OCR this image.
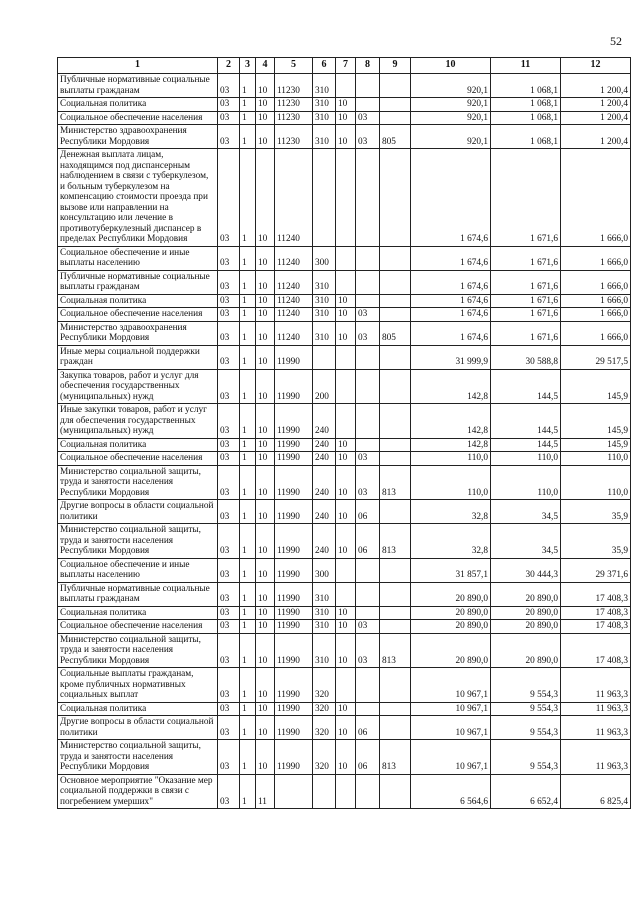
52
1	2	3	4	5	6	7	8	9	10	11	12
Публичные нормативные социальные выплаты гражданам	03	1	10	11230	310				920,1	1 068,1	1 200,4
Социальная политика	03	1	10	11230	310	10			920,1	1 068,1	1 200,4
Социальное обеспечение населения	03	1	10	11230	310	10	03		920,1	1 068,1	1 200,4
Министерство здравоохранения Республики Мордовия	03	1	10	11230	310	10	03	805	920,1	1 068,1	1 200,4
Денежная выплата лицам, находящимся под диспансерным наблюдением в связи с туберкулезом, и больным туберкулезом на компенсацию стоимости проезда при вызове или направлении на консультацию или лечение в противотуберкулезный диспансер в пределах Республики Мордовия	03	1	10	11240					1 674,6	1 671,6	1 666,0
Социальное обеспечение и иные выплаты населению	03	1	10	11240	300				1 674,6	1 671,6	1 666,0
Публичные нормативные социальные выплаты гражданам	03	1	10	11240	310				1 674,6	1 671,6	1 666,0
Социальная политика	03	1	10	11240	310	10			1 674,6	1 671,6	1 666,0
Социальное обеспечение населения	03	1	10	11240	310	10	03		1 674,6	1 671,6	1 666,0
Министерство здравоохранения Республики Мордовия	03	1	10	11240	310	10	03	805	1 674,6	1 671,6	1 666,0
Иные меры социальной поддержки граждан	03	1	10	11990					31 999,9	30 588,8	29 517,5
Закупка товаров, работ и услуг для обеспечения государственных (муниципальных) нужд	03	1	10	11990	200				142,8	144,5	145,9
Иные закупки товаров, работ и услуг для обеспечения государственных (муниципальных) нужд	03	1	10	11990	240				142,8	144,5	145,9
Социальная политика	03	1	10	11990	240	10			142,8	144,5	145,9
Социальное обеспечение населения	03	1	10	11990	240	10	03		110,0	110,0	110,0
Министерство социальной защиты, труда и занятости населения Республики Мордовия	03	1	10	11990	240	10	03	813	110,0	110,0	110,0
Другие вопросы в области социальной политики	03	1	10	11990	240	10	06		32,8	34,5	35,9
Министерство социальной защиты, труда и занятости населения Республики Мордовия	03	1	10	11990	240	10	06	813	32,8	34,5	35,9
Социальное обеспечение и иные выплаты населению	03	1	10	11990	300				31 857,1	30 444,3	29 371,6
Публичные нормативные социальные выплаты гражданам	03	1	10	11990	310				20 890,0	20 890,0	17 408,3
Социальная политика	03	1	10	11990	310	10			20 890,0	20 890,0	17 408,3
Социальное обеспечение населения	03	1	10	11990	310	10	03		20 890,0	20 890,0	17 408,3
Министерство социальной защиты, труда и занятости населения Республики Мордовия	03	1	10	11990	310	10	03	813	20 890,0	20 890,0	17 408,3
Социальные выплаты гражданам, кроме публичных нормативных социальных выплат	03	1	10	11990	320				10 967,1	9 554,3	11 963,3
Социальная политика	03	1	10	11990	320	10			10 967,1	9 554,3	11 963,3
Другие вопросы в области социальной политики	03	1	10	11990	320	10	06		10 967,1	9 554,3	11 963,3
Министерство социальной защиты, труда и занятости населения Республики Мордовия	03	1	10	11990	320	10	06	813	10 967,1	9 554,3	11 963,3
Основное мероприятие "Оказание мер социальной поддержки в связи с погребением умерших"	03	1	11						6 564,6	6 652,4	6 825,4
